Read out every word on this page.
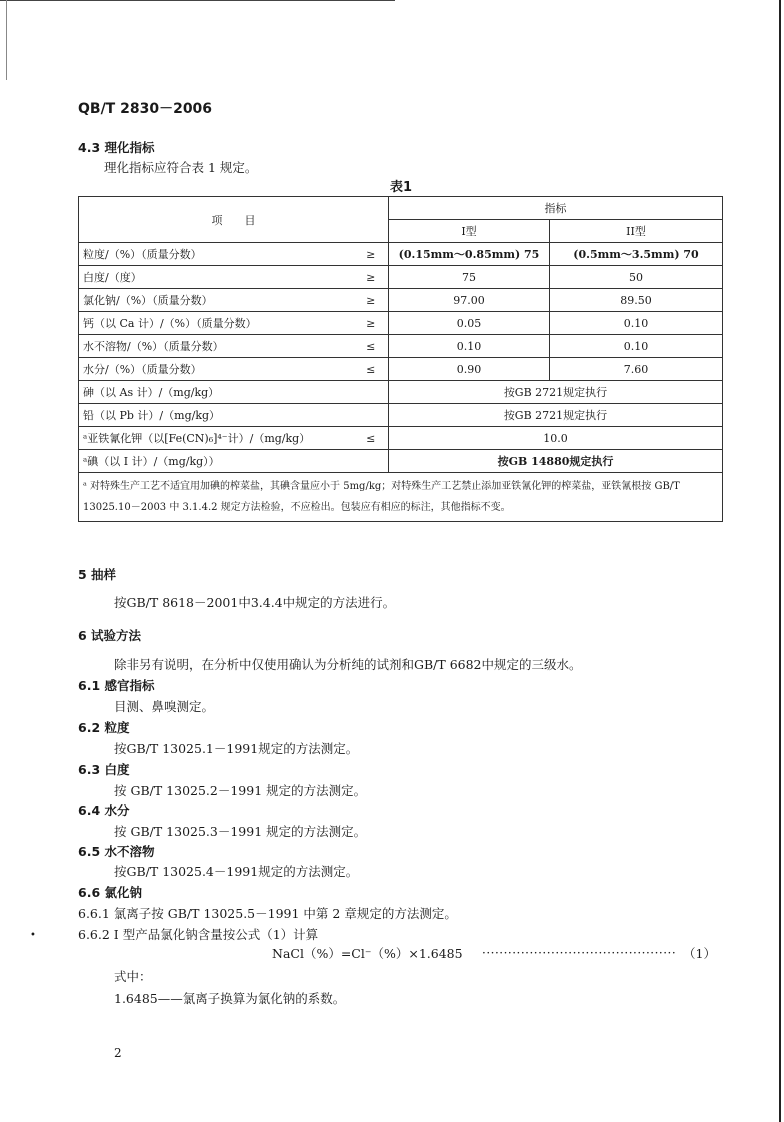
QB/T 2830－2006
4.3 理化指标
理化指标应符合表 1 规定。
表1
项　　目		指标	
		I型	II型
粒度/（%）（质量分数）	≥	(0.15mm～0.85mm) 75	(0.5mm～3.5mm) 70
白度/（度）	≥	75	50
氯化钠/（%）（质量分数）	≥	97.00	89.50
钙（以 Ca 计）/（%）（质量分数）	≥	0.05	0.10
水不溶物/（%）（质量分数）	≤	0.10	0.10
水分/（%）（质量分数）	≤	0.90	7.60
砷（以 As 计）/（mg/kg）		按GB 2721规定执行	
铅（以 Pb 计）/（mg/kg）		按GB 2721规定执行	
ᵃ亚铁氰化钾（以[Fe(CN)₆]⁴⁻计）/（mg/kg）	≤	10.0	
ᵃ碘（以 I 计）/（mg/kg））		按GB 14880规定执行	
ᵃ 对特殊生产工艺不适宜用加碘的榨菜盐，其碘含量应小于 5mg/kg；对特殊生产工艺禁止添加亚铁氰化钾的榨菜盐，亚铁氰根按 GB/T 13025.10－2003 中 3.1.4.2 规定方法检验，不应检出。包装应有相应的标注，其他指标不变。			
5 抽样
按GB/T 8618－2001中3.4.4中规定的方法进行。
6 试验方法
除非另有说明，在分析中仅使用确认为分析纯的试剂和GB/T 6682中规定的三级水。
6.1 感官指标
目测、鼻嗅测定。
6.2 粒度
按GB/T 13025.1－1991规定的方法测定。
6.3 白度
按 GB/T 13025.2－1991 规定的方法测定。
6.4 水分
按 GB/T 13025.3－1991 规定的方法测定。
6.5 水不溶物
按GB/T 13025.4－1991规定的方法测定。
6.6 氯化钠
6.6.1 氯离子按 GB/T 13025.5－1991 中第 2 章规定的方法测定。
6.6.2 I 型产品氯化钠含量按公式（1）计算
•
NaCl（%）=Cl⁻（%）×1.6485 ············································· （1）
式中：
1.6485——氯离子换算为氯化钠的系数。
2
